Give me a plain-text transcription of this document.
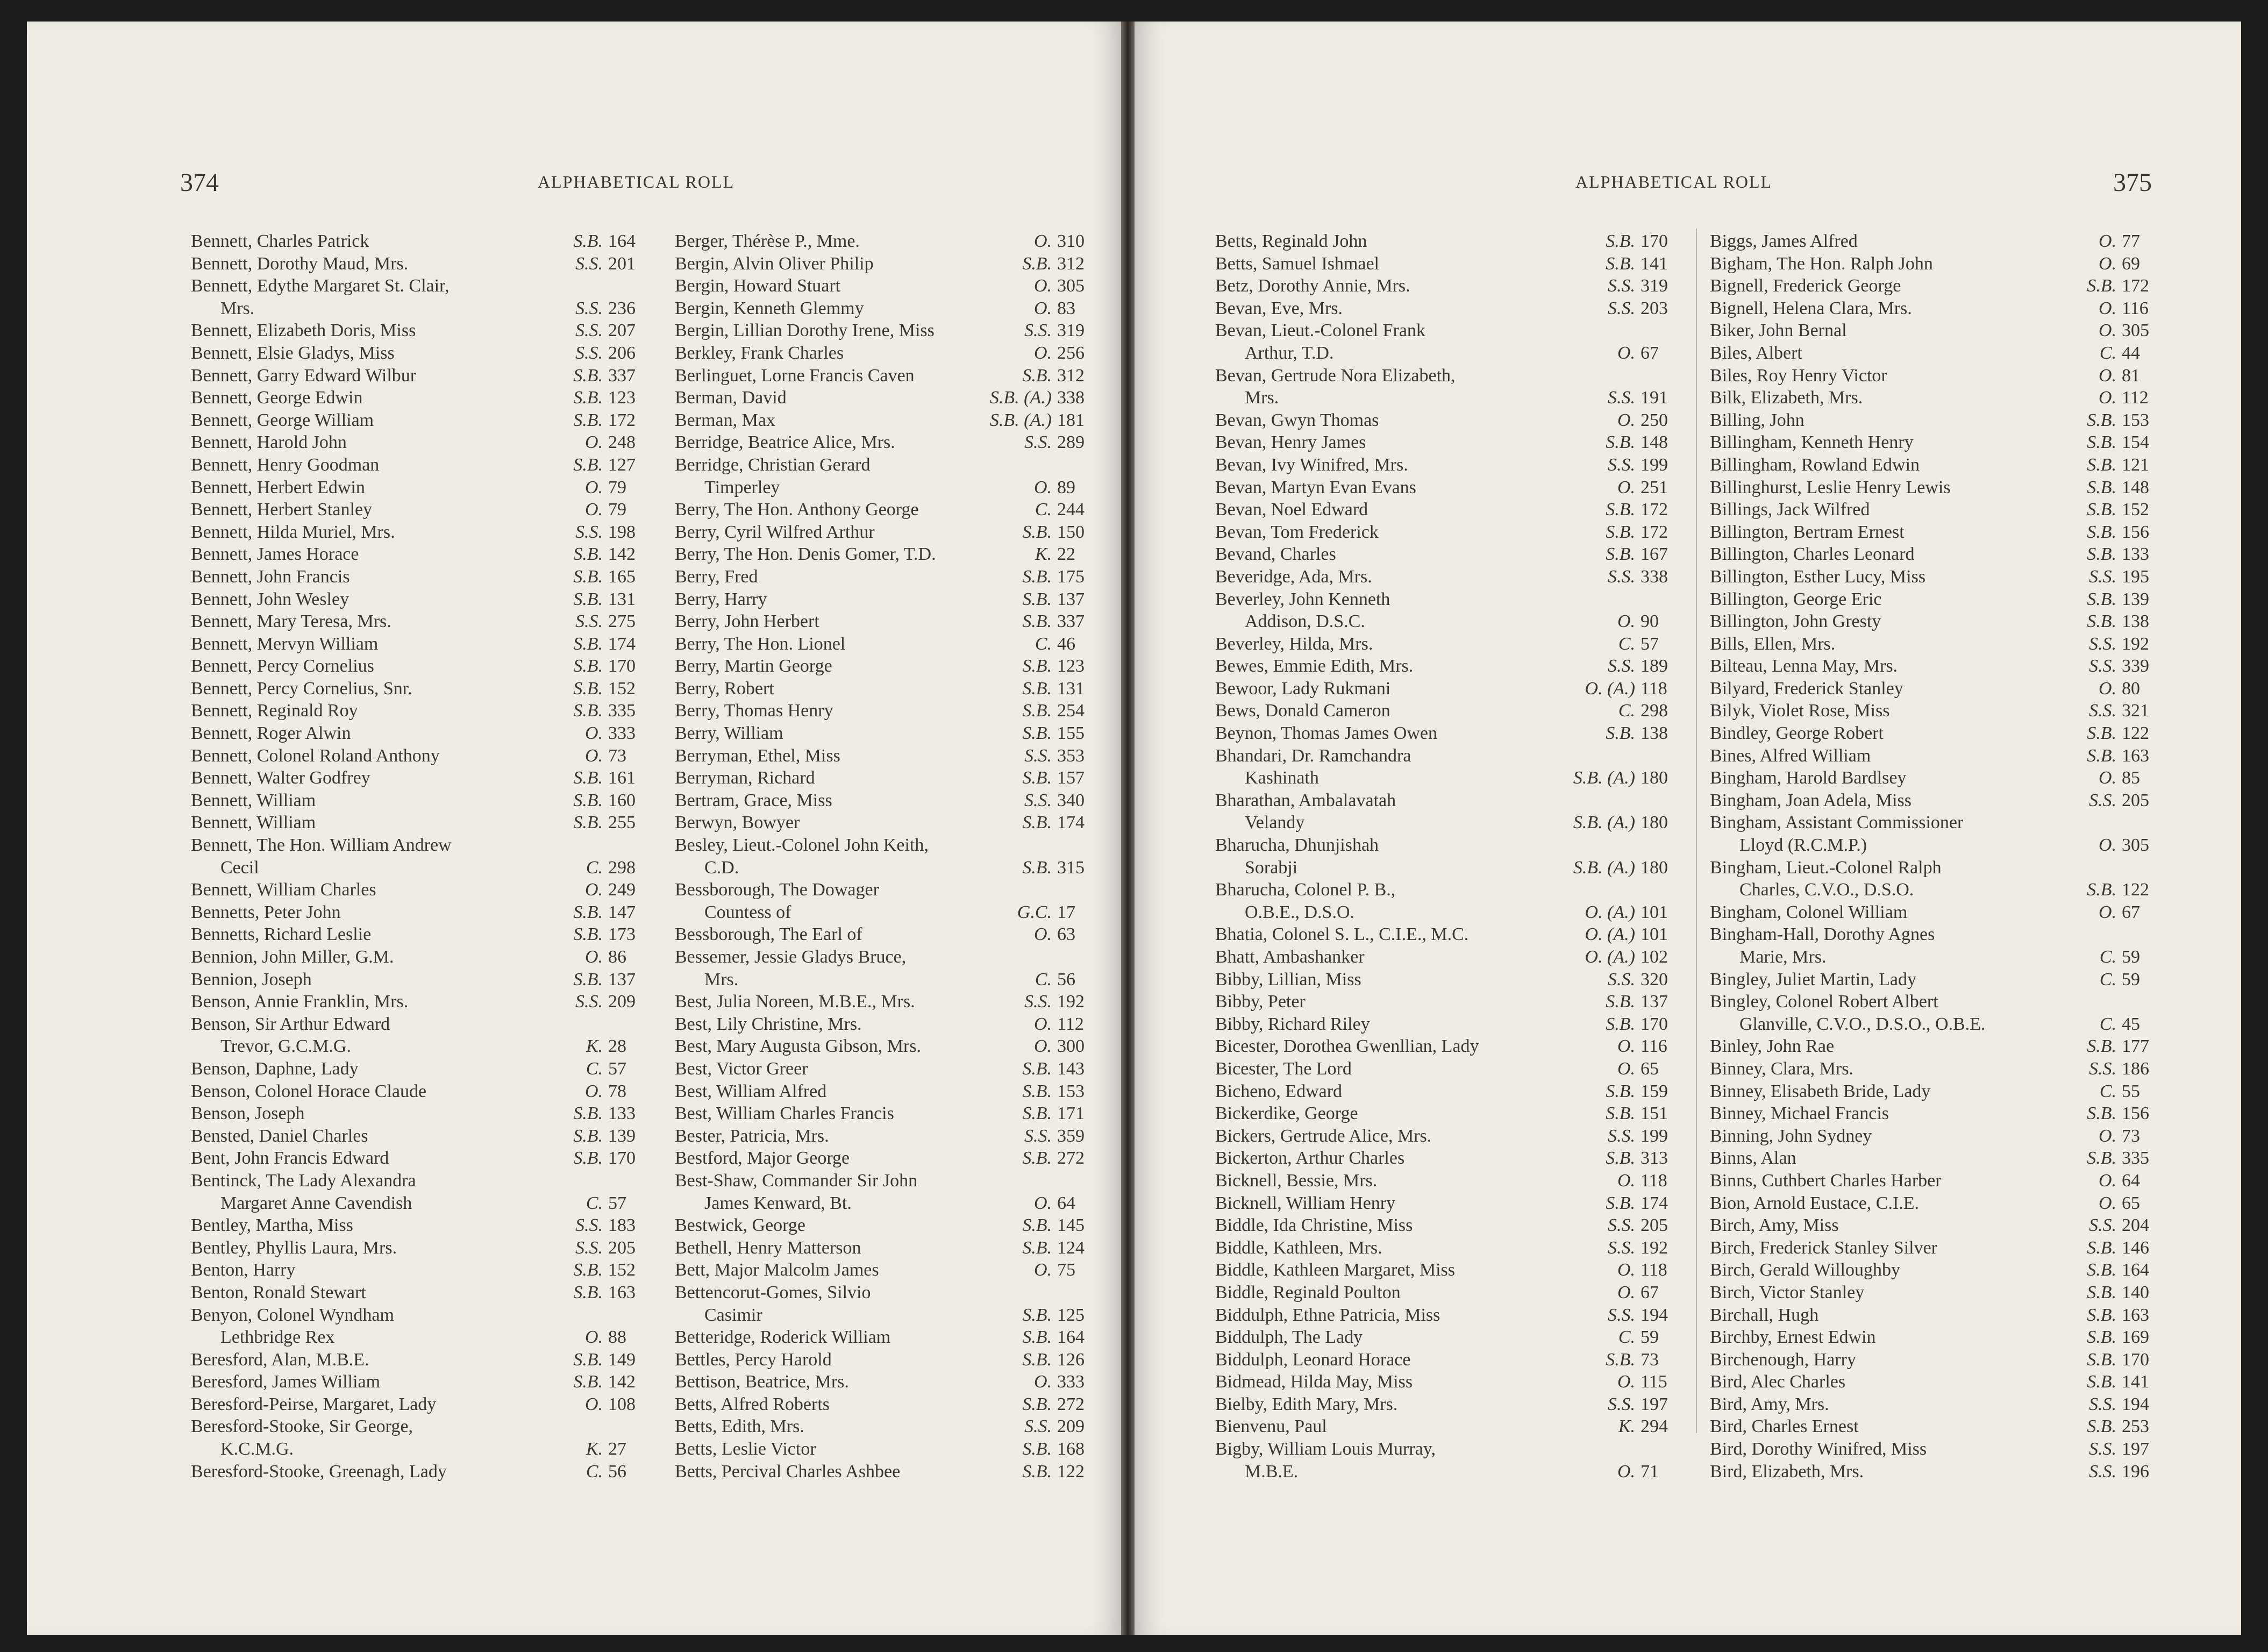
374	ALPHABETICAL ROLL
Bennett, Charles Patrick	S.B. 164
Bennett, Dorothy Maud, Mrs.	S.S. 201
Bennett, Edythe Margaret St. Clair,
Mrs.	S.S. 236
Bennett, Elizabeth Doris, Miss	S.S. 207
Bennett, Elsie Gladys, Miss	S.S. 206
Bennett, Garry Edward Wilbur	S.B. 337
Bennett, George Edwin	S.B. 123
Bennett, George William	S.B. 172
Bennett, Harold John	O. 248
Bennett, Henry Goodman	S.B. 127
Bennett, Herbert Edwin	O. 79
Bennett, Herbert Stanley	O. 79
Bennett, Hilda Muriel, Mrs.	S.S. 198
Bennett, James Horace	S.B. 142
Bennett, John Francis	S.B. 165
Bennett, John Wesley	S.B. 131
Bennett, Mary Teresa, Mrs.	S.S. 275
Bennett, Mervyn William	S.B. 174
Bennett, Percy Cornelius	S.B. 170
Bennett, Percy Cornelius, Snr.	S.B. 152
Bennett, Reginald Roy	S.B. 335
Bennett, Roger Alwin	O. 333
Bennett, Colonel Roland Anthony	O. 73
Bennett, Walter Godfrey	S.B. 161
Bennett, William	S.B. 160
Bennett, William	S.B. 255
Bennett, The Hon. William Andrew
Cecil	C. 298
Bennett, William Charles	O. 249
Bennetts, Peter John	S.B. 147
Bennetts, Richard Leslie	S.B. 173
Bennion, John Miller, G.M.	O. 86
Bennion, Joseph	S.B. 137
Benson, Annie Franklin, Mrs.	S.S. 209
Benson, Sir Arthur Edward
Trevor, G.C.M.G.	K. 28
Benson, Daphne, Lady	C. 57
Benson, Colonel Horace Claude	O. 78
Benson, Joseph	S.B. 133
Bensted, Daniel Charles	S.B. 139
Bent, John Francis Edward	S.B. 170
Bentinck, The Lady Alexandra
Margaret Anne Cavendish	C. 57
Bentley, Martha, Miss	S.S. 183
Bentley, Phyllis Laura, Mrs.	S.S. 205
Benton, Harry	S.B. 152
Benton, Ronald Stewart	S.B. 163
Benyon, Colonel Wyndham
Lethbridge Rex	O. 88
Beresford, Alan, M.B.E.	S.B. 149
Beresford, James William	S.B. 142
Beresford-Peirse, Margaret, Lady	O. 108
Beresford-Stooke, Sir George,
K.C.M.G.	K. 27
Beresford-Stooke, Greenagh, Lady	C. 56
Berger, Thérèse P., Mme.	O. 310
Bergin, Alvin Oliver Philip	S.B. 312
Bergin, Howard Stuart	O. 305
Bergin, Kenneth Glemmy	O. 83
Bergin, Lillian Dorothy Irene, Miss	S.S. 319
Berkley, Frank Charles	O. 256
Berlinguet, Lorne Francis Caven	S.B. 312
Berman, David	S.B. (A.) 338
Berman, Max	S.B. (A.) 181
Berridge, Beatrice Alice, Mrs.	S.S. 289
Berridge, Christian Gerard
Timperley	O. 89
Berry, The Hon. Anthony George	C. 244
Berry, Cyril Wilfred Arthur	S.B. 150
Berry, The Hon. Denis Gomer, T.D.	K. 22
Berry, Fred	S.B. 175
Berry, Harry	S.B. 137
Berry, John Herbert	S.B. 337
Berry, The Hon. Lionel	C. 46
Berry, Martin George	S.B. 123
Berry, Robert	S.B. 131
Berry, Thomas Henry	S.B. 254
Berry, William	S.B. 155
Berryman, Ethel, Miss	S.S. 353
Berryman, Richard	S.B. 157
Bertram, Grace, Miss	S.S. 340
Berwyn, Bowyer	S.B. 174
Besley, Lieut.-Colonel John Keith,
C.D.	S.B. 315
Bessborough, The Dowager
Countess of	G.C. 17
Bessborough, The Earl of	O. 63
Bessemer, Jessie Gladys Bruce,
Mrs.	C. 56
Best, Julia Noreen, M.B.E., Mrs.	S.S. 192
Best, Lily Christine, Mrs.	O. 112
Best, Mary Augusta Gibson, Mrs.	O. 300
Best, Victor Greer	S.B. 143
Best, William Alfred	S.B. 153
Best, William Charles Francis	S.B. 171
Bester, Patricia, Mrs.	S.S. 359
Bestford, Major George	S.B. 272
Best-Shaw, Commander Sir John
James Kenward, Bt.	O. 64
Bestwick, George	S.B. 145
Bethell, Henry Matterson	S.B. 124
Bett, Major Malcolm James	O. 75
Bettencorut-Gomes, Silvio
Casimir	S.B. 125
Betteridge, Roderick William	S.B. 164
Bettles, Percy Harold	S.B. 126
Bettison, Beatrice, Mrs.	O. 333
Betts, Alfred Roberts	S.B. 272
Betts, Edith, Mrs.	S.S. 209
Betts, Leslie Victor	S.B. 168
Betts, Percival Charles Ashbee	S.B. 122
ALPHABETICAL ROLL	375
Betts, Reginald John	S.B. 170
Betts, Samuel Ishmael	S.B. 141
Betz, Dorothy Annie, Mrs.	S.S. 319
Bevan, Eve, Mrs.	S.S. 203
Bevan, Lieut.-Colonel Frank
Arthur, T.D.	O. 67
Bevan, Gertrude Nora Elizabeth,
Mrs.	S.S. 191
Bevan, Gwyn Thomas	O. 250
Bevan, Henry James	S.B. 148
Bevan, Ivy Winifred, Mrs.	S.S. 199
Bevan, Martyn Evan Evans	O. 251
Bevan, Noel Edward	S.B. 172
Bevan, Tom Frederick	S.B. 172
Bevand, Charles	S.B. 167
Beveridge, Ada, Mrs.	S.S. 338
Beverley, John Kenneth
Addison, D.S.C.	O. 90
Beverley, Hilda, Mrs.	C. 57
Bewes, Emmie Edith, Mrs.	S.S. 189
Bewoor, Lady Rukmani	O. (A.) 118
Bews, Donald Cameron	C. 298
Beynon, Thomas James Owen	S.B. 138
Bhandari, Dr. Ramchandra
Kashinath	S.B. (A.) 180
Bharathan, Ambalavatah
Velandy	S.B. (A.) 180
Bharucha, Dhunjishah
Sorabji	S.B. (A.) 180
Bharucha, Colonel P. B.,
O.B.E., D.S.O.	O. (A.) 101
Bhatia, Colonel S. L., C.I.E., M.C.	O. (A.) 101
Bhatt, Ambashanker	O. (A.) 102
Bibby, Lillian, Miss	S.S. 320
Bibby, Peter	S.B. 137
Bibby, Richard Riley	S.B. 170
Bicester, Dorothea Gwenllian, Lady	O. 116
Bicester, The Lord	O. 65
Bicheno, Edward	S.B. 159
Bickerdike, George	S.B. 151
Bickers, Gertrude Alice, Mrs.	S.S. 199
Bickerton, Arthur Charles	S.B. 313
Bicknell, Bessie, Mrs.	O. 118
Bicknell, William Henry	S.B. 174
Biddle, Ida Christine, Miss	S.S. 205
Biddle, Kathleen, Mrs.	S.S. 192
Biddle, Kathleen Margaret, Miss	O. 118
Biddle, Reginald Poulton	O. 67
Biddulph, Ethne Patricia, Miss	S.S. 194
Biddulph, The Lady	C. 59
Biddulph, Leonard Horace	S.B. 73
Bidmead, Hilda May, Miss	O. 115
Bielby, Edith Mary, Mrs.	S.S. 197
Bienvenu, Paul	K. 294
Bigby, William Louis Murray,
M.B.E.	O. 71
Biggs, James Alfred	O. 77
Bigham, The Hon. Ralph John	O. 69
Bignell, Frederick George	S.B. 172
Bignell, Helena Clara, Mrs.	O. 116
Biker, John Bernal	O. 305
Biles, Albert	C. 44
Biles, Roy Henry Victor	O. 81
Bilk, Elizabeth, Mrs.	O. 112
Billing, John	S.B. 153
Billingham, Kenneth Henry	S.B. 154
Billingham, Rowland Edwin	S.B. 121
Billinghurst, Leslie Henry Lewis	S.B. 148
Billings, Jack Wilfred	S.B. 152
Billington, Bertram Ernest	S.B. 156
Billington, Charles Leonard	S.B. 133
Billington, Esther Lucy, Miss	S.S. 195
Billington, George Eric	S.B. 139
Billington, John Gresty	S.B. 138
Bills, Ellen, Mrs.	S.S. 192
Bilteau, Lenna May, Mrs.	S.S. 339
Bilyard, Frederick Stanley	O. 80
Bilyk, Violet Rose, Miss	S.S. 321
Bindley, George Robert	S.B. 122
Bines, Alfred William	S.B. 163
Bingham, Harold Bardlsey	O. 85
Bingham, Joan Adela, Miss	S.S. 205
Bingham, Assistant Commissioner
Lloyd (R.C.M.P.)	O. 305
Bingham, Lieut.-Colonel Ralph
Charles, C.V.O., D.S.O.	S.B. 122
Bingham, Colonel William	O. 67
Bingham-Hall, Dorothy Agnes
Marie, Mrs.	C. 59
Bingley, Juliet Martin, Lady	C. 59
Bingley, Colonel Robert Albert
Glanville, C.V.O., D.S.O., O.B.E.	C. 45
Binley, John Rae	S.B. 177
Binney, Clara, Mrs.	S.S. 186
Binney, Elisabeth Bride, Lady	C. 55
Binney, Michael Francis	S.B. 156
Binning, John Sydney	O. 73
Binns, Alan	S.B. 335
Binns, Cuthbert Charles Harber	O. 64
Bion, Arnold Eustace, C.I.E.	O. 65
Birch, Amy, Miss	S.S. 204
Birch, Frederick Stanley Silver	S.B. 146
Birch, Gerald Willoughby	S.B. 164
Birch, Victor Stanley	S.B. 140
Birchall, Hugh	S.B. 163
Birchby, Ernest Edwin	S.B. 169
Birchenough, Harry	S.B. 170
Bird, Alec Charles	S.B. 141
Bird, Amy, Mrs.	S.S. 194
Bird, Charles Ernest	S.B. 253
Bird, Dorothy Winifred, Miss	S.S. 197
Bird, Elizabeth, Mrs.	S.S. 196
